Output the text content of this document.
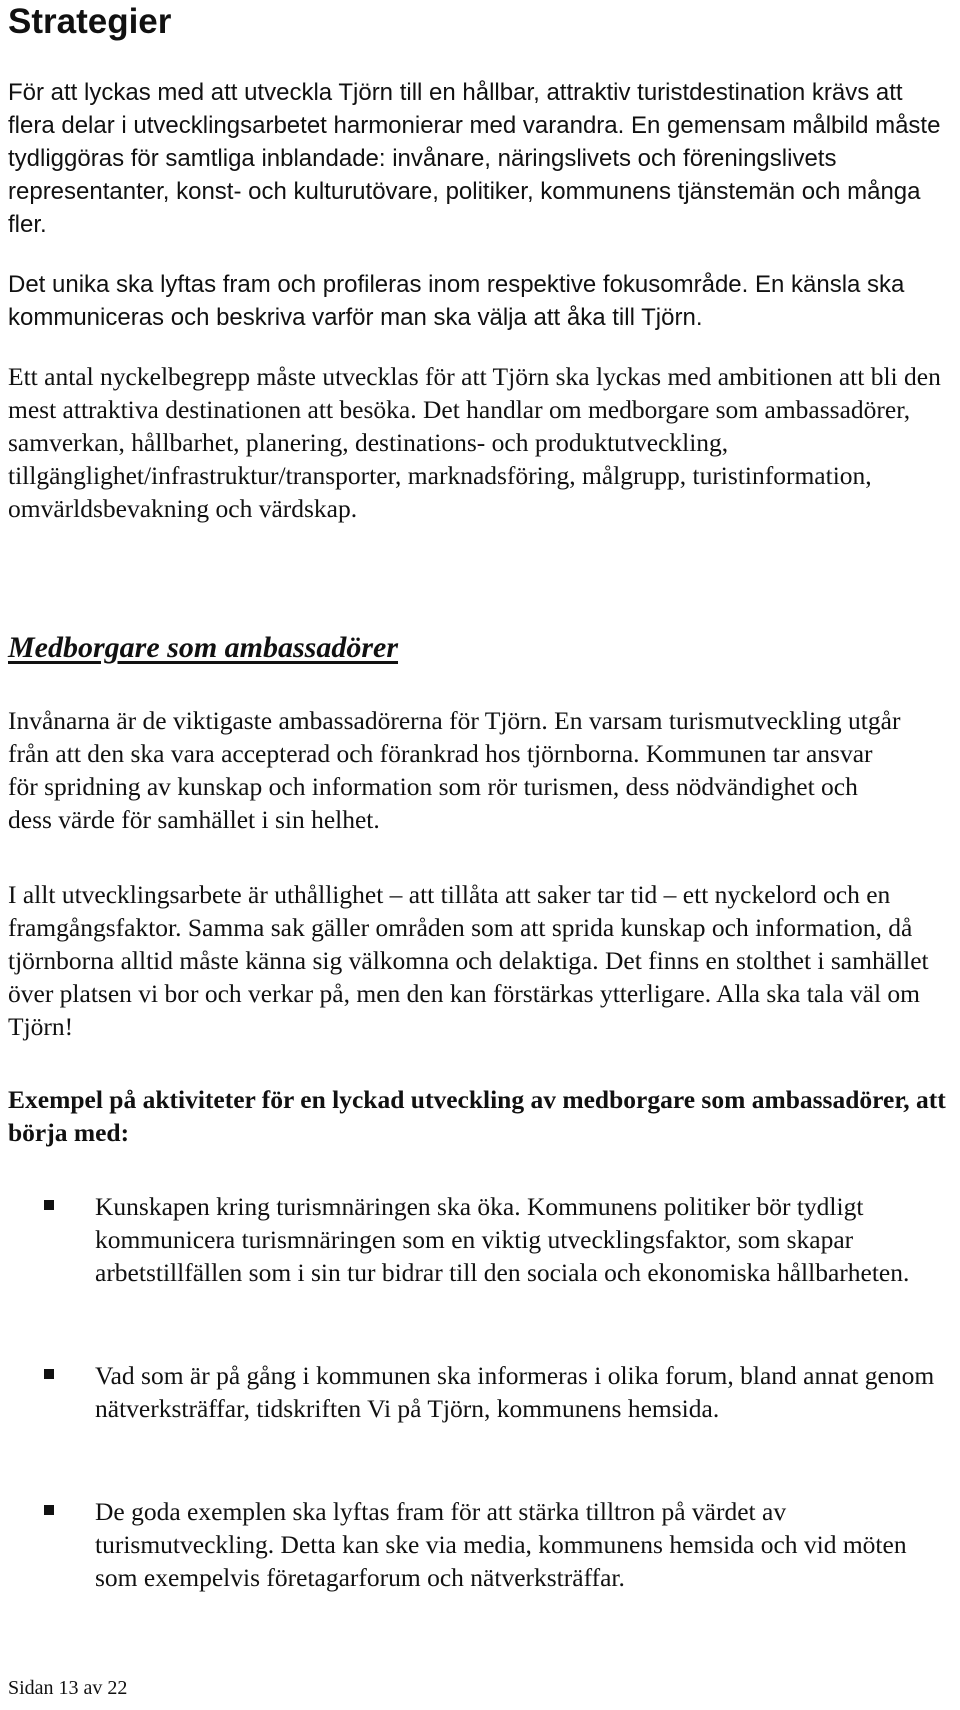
Strategier

För att lyckas med att utveckla Tjörn till en hållbar, attraktiv turistdestination krävs att flera delar i utvecklingsarbetet harmonierar med varandra. En gemensam målbild måste tydliggöras för samtliga inblandade: invånare, näringslivets och föreningslivets representanter, konst- och kulturutövare, politiker, kommunens tjänstemän och många fler.

Det unika ska lyftas fram och profileras inom respektive fokusområde. En känsla ska kommuniceras och beskriva varför man ska välja att åka till Tjörn.

Ett antal nyckelbegrepp måste utvecklas för att Tjörn ska lyckas med ambitionen att bli den mest attraktiva destinationen att besöka. Det handlar om medborgare som ambassadörer, samverkan, hållbarhet, planering, destinations- och produktutveckling, tillgänglighet/infrastruktur/transporter, marknadsföring, målgrupp, turistinformation, omvärldsbevakning och värdskap.

Medborgare som ambassadörer

Invånarna är de viktigaste ambassadörerna för Tjörn. En varsam turismutveckling utgår från att den ska vara accepterad och förankrad hos tjörnborna. Kommunen tar ansvar för spridning av kunskap och information som rör turismen, dess nödvändighet och dess värde för samhället i sin helhet.

I allt utvecklingsarbete är uthållighet – att tillåta att saker tar tid – ett nyckelord och en framgångsfaktor. Samma sak gäller områden som att sprida kunskap och information, då tjörnborna alltid måste känna sig välkomna och delaktiga. Det finns en stolthet i samhället över platsen vi bor och verkar på, men den kan förstärkas ytterligare. Alla ska tala väl om Tjörn!

Exempel på aktiviteter för en lyckad utveckling av medborgare som ambassadörer, att börja med:

Kunskapen kring turismnäringen ska öka. Kommunens politiker bör tydligt kommunicera turismnäringen som en viktig utvecklingsfaktor, som skapar arbetstillfällen som i sin tur bidrar till den sociala och ekonomiska hållbarheten.

Vad som är på gång i kommunen ska informeras i olika forum, bland annat genom nätverksträffar, tidskriften Vi på Tjörn, kommunens hemsida.

De goda exemplen ska lyftas fram för att stärka tilltron på värdet av turismutveckling. Detta kan ske via media, kommunens hemsida och vid möten som exempelvis företagarforum och nätverksträffar.

Sidan 13 av 22
